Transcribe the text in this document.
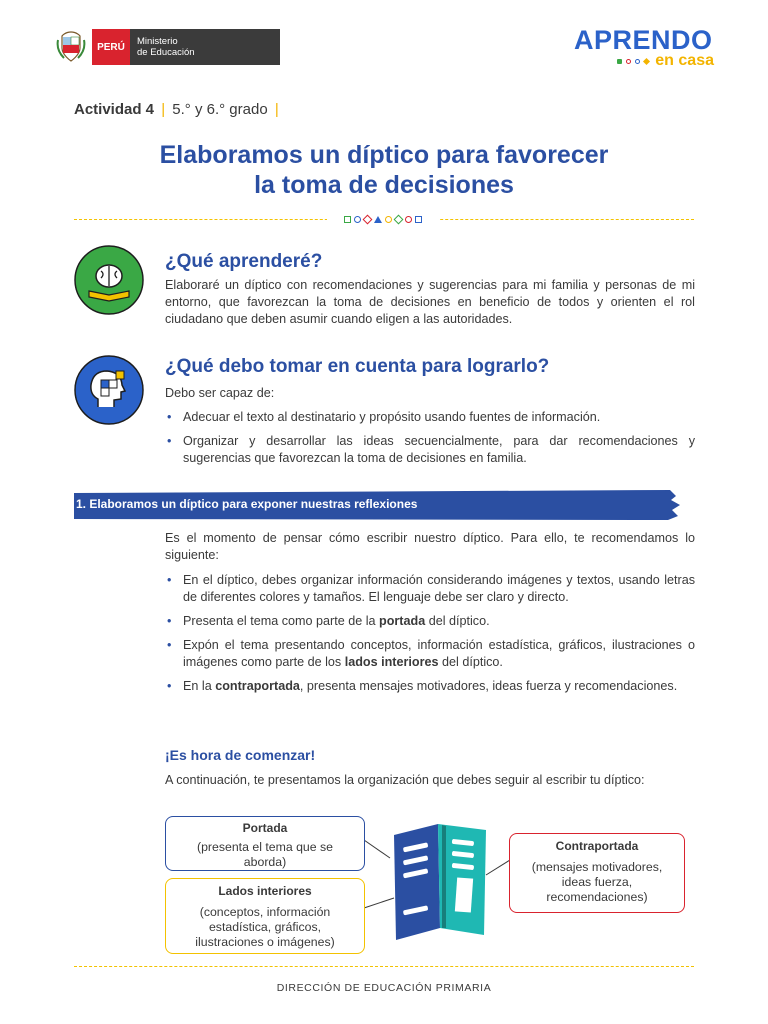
PERÚ	Ministerio
de Educación	APRENDO
en casa
Actividad 4 | 5.° y 6.° grado |
Elaboramos un díptico para favorecer
la toma de decisiones
¿Qué aprenderé?
Elaboraré un díptico con recomendaciones y sugerencias para mi familia y personas de mi entorno, que favorezcan la toma de decisiones en beneficio de todos y orienten el rol ciudadano que deben asumir cuando eligen a las autoridades.
¿Qué debo tomar en cuenta para lograrlo?
Debo ser capaz de:
• Adecuar el texto al destinatario y propósito usando fuentes de información.
• Organizar y desarrollar las ideas secuencialmente, para dar recomendaciones y sugerencias que favorezcan la toma de decisiones en familia.
1. Elaboramos un díptico para exponer nuestras reflexiones
Es el momento de pensar cómo escribir nuestro díptico. Para ello, te recomendamos lo siguiente:
• En el díptico, debes organizar información considerando imágenes y textos, usando letras de diferentes colores y tamaños. El lenguaje debe ser claro y directo.
• Presenta el tema como parte de la portada del díptico.
• Expón el tema presentando conceptos, información estadística, gráficos, ilustraciones o imágenes como parte de los lados interiores del díptico.
• En la contraportada, presenta mensajes motivadores, ideas fuerza y recomendaciones.
¡Es hora de comenzar!
A continuación, te presentamos la organización que debes seguir al escribir tu díptico:
Portada
(presenta el tema que se aborda)
Lados interiores
(conceptos, información estadística, gráficos, ilustraciones o imágenes)
Contraportada
(mensajes motivadores, ideas fuerza, recomendaciones)
DIRECCIÓN DE EDUCACIÓN PRIMARIA
